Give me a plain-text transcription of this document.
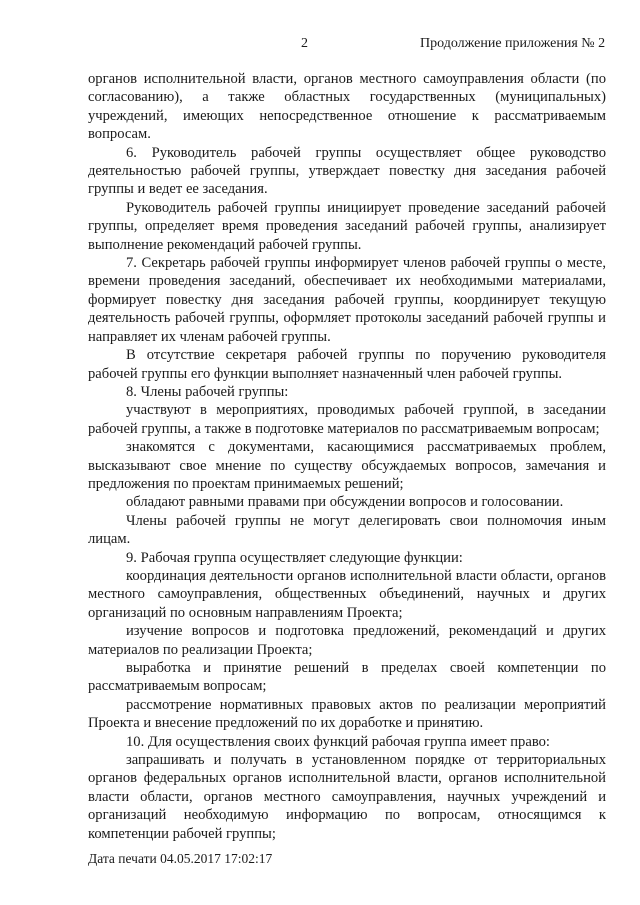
2	Продолжение приложения № 2

органов исполнительной власти, органов местного самоуправления области (по согласованию), а также областных государственных (муниципальных) учреждений, имеющих непосредственное отношение к рассматриваемым вопросам.

6. Руководитель рабочей группы осуществляет общее руководство деятельностью рабочей группы, утверждает повестку дня заседания рабочей группы и ведет ее заседания.

Руководитель рабочей группы инициирует проведение заседаний рабочей группы, определяет время проведения заседаний рабочей группы, анализирует выполнение рекомендаций рабочей группы.

7. Секретарь рабочей группы информирует членов рабочей группы о месте, времени проведения заседаний, обеспечивает их необходимыми материалами, формирует повестку дня заседания рабочей группы, координирует текущую деятельность рабочей группы, оформляет протоколы заседаний рабочей группы и направляет их членам рабочей группы.

В отсутствие секретаря рабочей группы по поручению руководителя рабочей группы его функции выполняет назначенный член рабочей группы.

8. Члены рабочей группы:

участвуют в мероприятиях, проводимых рабочей группой, в заседании рабочей группы, а также в подготовке материалов по рассматриваемым вопросам;

знакомятся с документами, касающимися рассматриваемых проблем, высказывают свое мнение по существу обсуждаемых вопросов, замечания и предложения по проектам принимаемых решений;

обладают равными правами при обсуждении вопросов и голосовании.

Члены рабочей группы не могут делегировать свои полномочия иным лицам.

9. Рабочая группа осуществляет следующие функции:

координация деятельности органов исполнительной власти области, органов местного самоуправления, общественных объединений, научных и других организаций по основным направлениям Проекта;

изучение вопросов и подготовка предложений, рекомендаций и других материалов по реализации Проекта;

выработка и принятие решений в пределах своей компетенции по рассматриваемым вопросам;

рассмотрение нормативных правовых актов по реализации мероприятий Проекта и внесение предложений по их доработке и принятию.

10. Для осуществления своих функций рабочая группа имеет право:

запрашивать и получать в установленном порядке от территориальных органов федеральных органов исполнительной власти, органов исполнительной власти области, органов местного самоуправления, научных учреждений и организаций необходимую информацию по вопросам, относящимся к компетенции рабочей группы;

Дата печати 04.05.2017 17:02:17
